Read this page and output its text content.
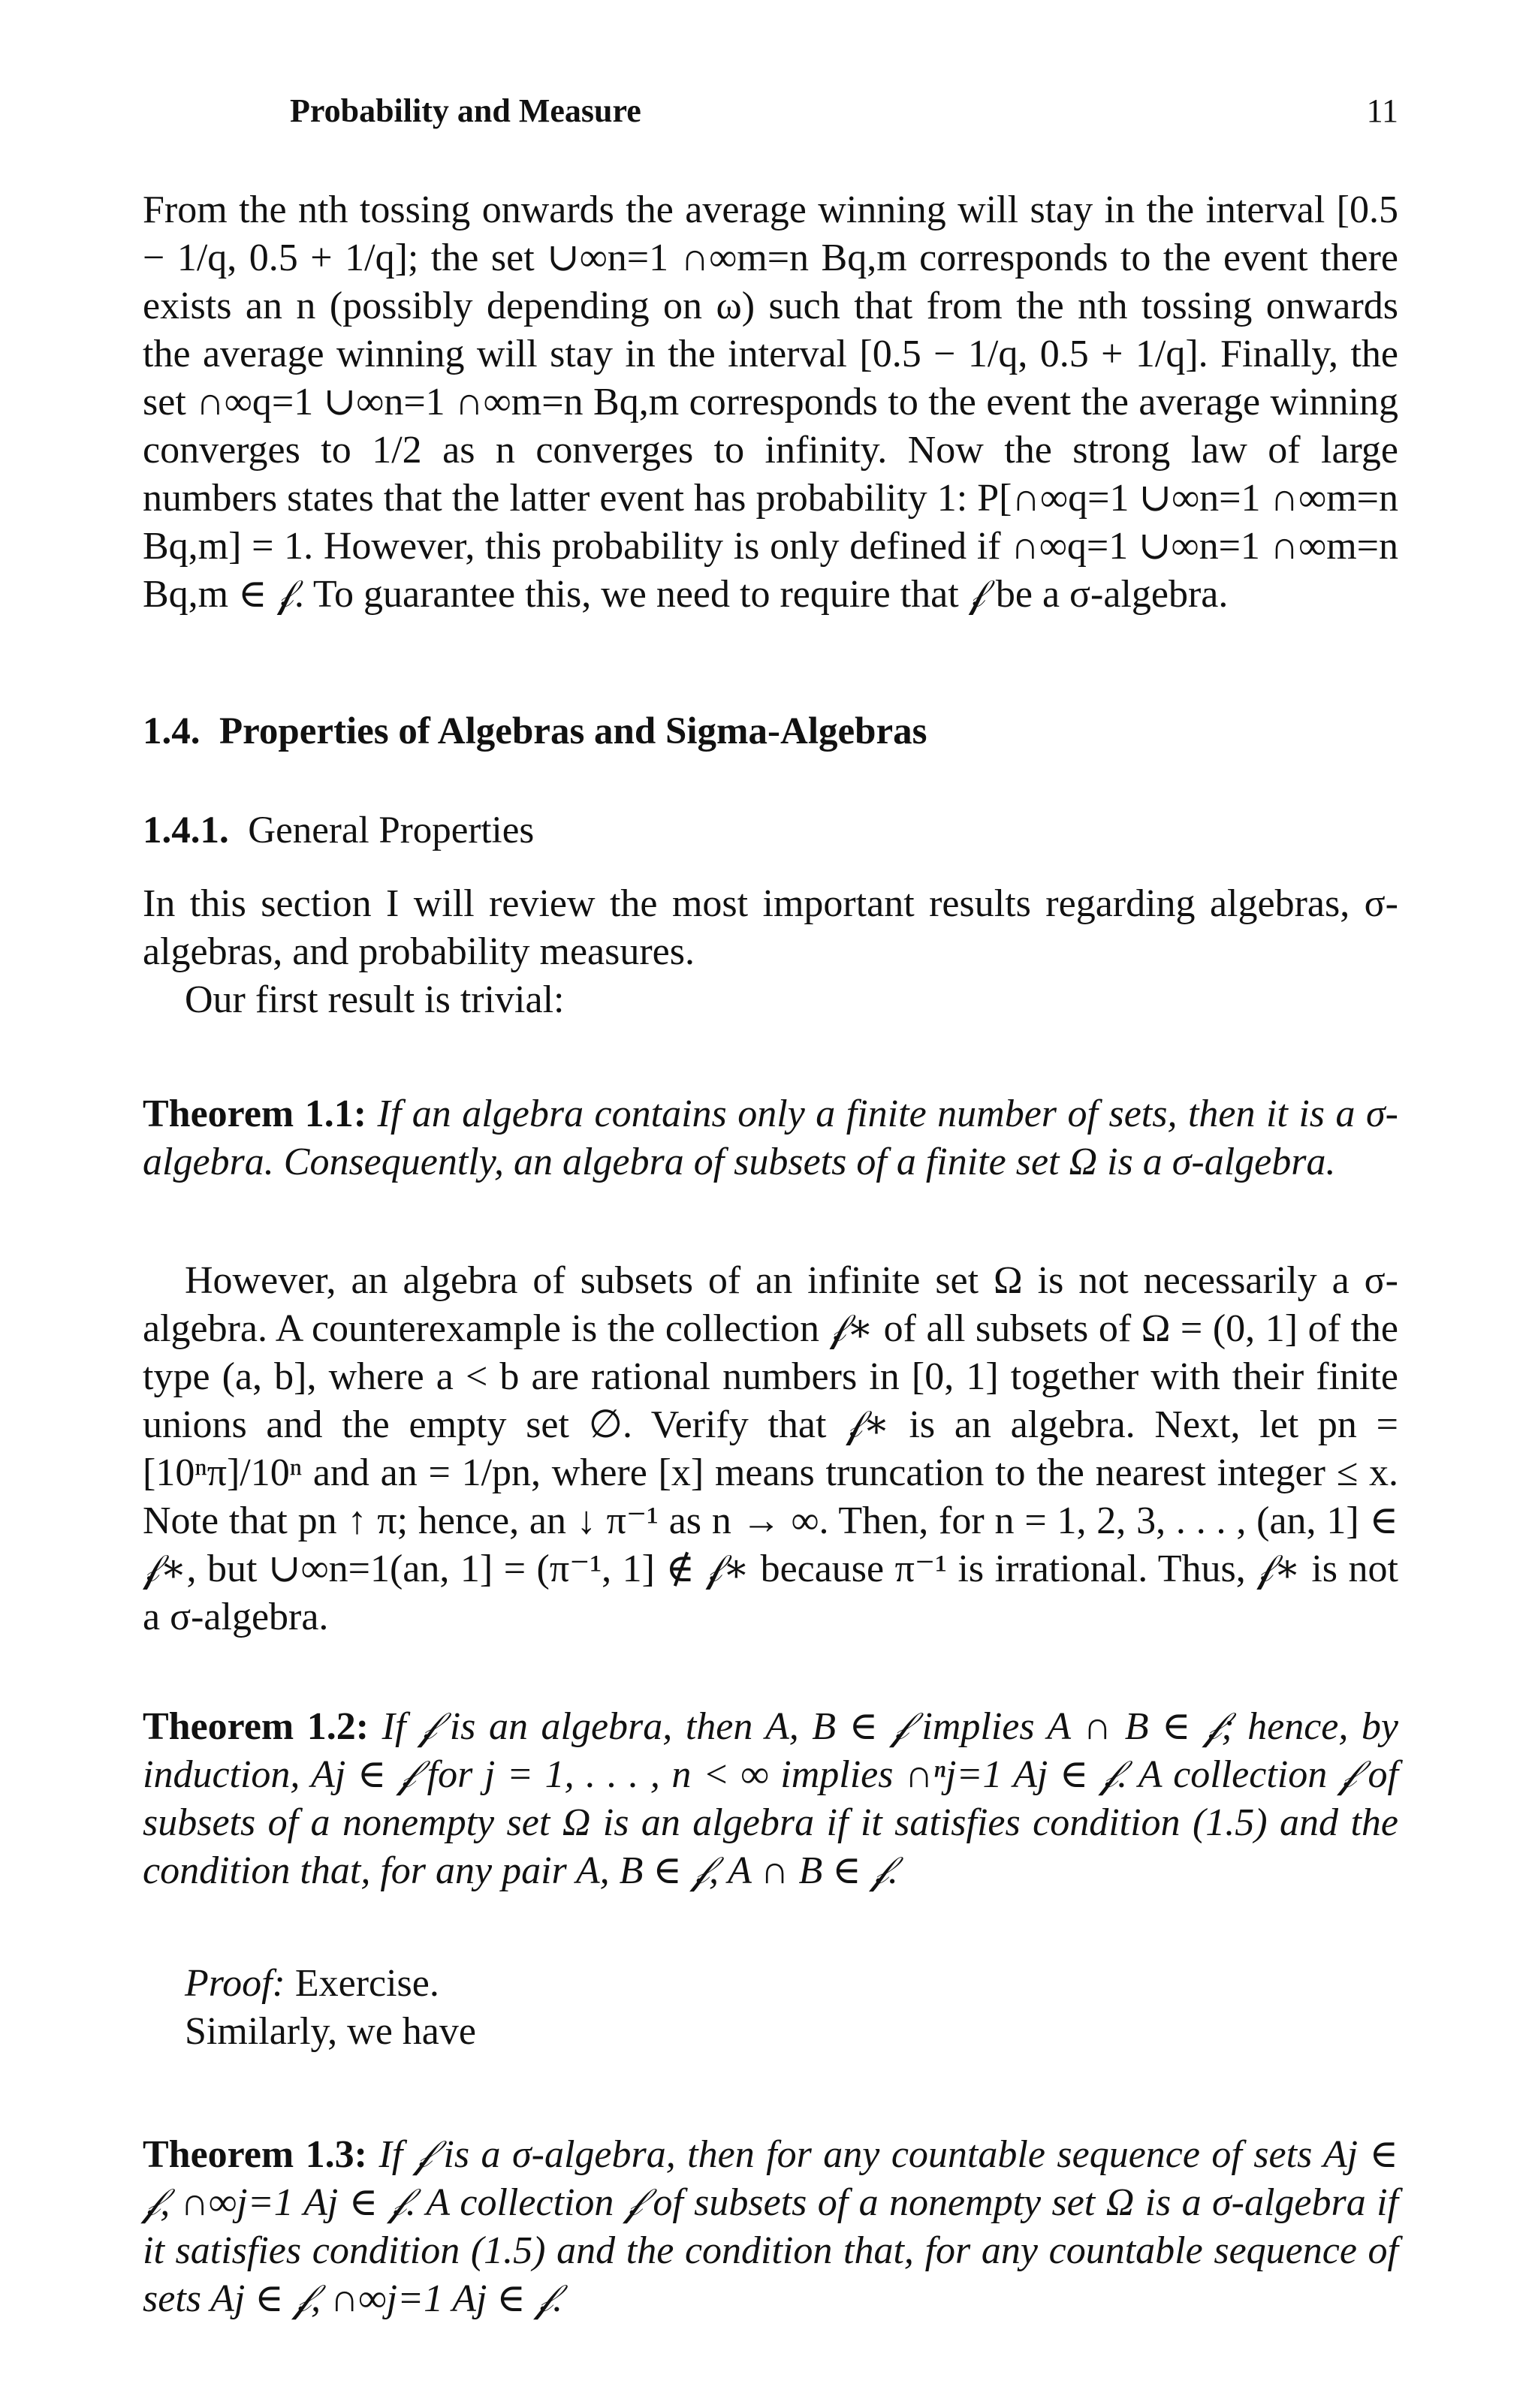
Probability and Measure	11

From the nth tossing onwards the average winning will stay in the interval [0.5 − 1/q, 0.5 + 1/q]; the set ∪∞n=1 ∩∞m=n Bq,m corresponds to the event there exists an n (possibly depending on ω) such that from the nth tossing onwards the average winning will stay in the interval [0.5 − 1/q, 0.5 + 1/q]. Finally, the set ∩∞q=1 ∪∞n=1 ∩∞m=n Bq,m corresponds to the event the average winning converges to 1/2 as n converges to infinity. Now the strong law of large numbers states that the latter event has probability 1: P[∩∞q=1 ∪∞n=1 ∩∞m=n Bq,m] = 1. However, this probability is only defined if ∩∞q=1 ∪∞n=1 ∩∞m=n Bq,m ∈ 𝒻. To guarantee this, we need to require that 𝒻 be a σ-algebra.

1.4. Properties of Algebras and Sigma-Algebras
1.4.1. General Properties

In this section I will review the most important results regarding algebras, σ-algebras, and probability measures.

Our first result is trivial:

Theorem 1.1: If an algebra contains only a finite number of sets, then it is a σ-algebra. Consequently, an algebra of subsets of a finite set Ω is a σ-algebra.

However, an algebra of subsets of an infinite set Ω is not necessarily a σ-algebra. A counterexample is the collection 𝒻∗ of all subsets of Ω = (0, 1] of the type (a, b], where a < b are rational numbers in [0, 1] together with their finite unions and the empty set ∅. Verify that 𝒻∗ is an algebra. Next, let pn = [10ⁿπ]/10ⁿ and an = 1/pn, where [x] means truncation to the nearest integer ≤ x. Note that pn ↑ π; hence, an ↓ π⁻¹ as n → ∞. Then, for n = 1, 2, 3, . . . , (an, 1] ∈ 𝒻∗, but ∪∞n=1(an, 1] = (π⁻¹, 1] ∉ 𝒻∗ because π⁻¹ is irrational. Thus, 𝒻∗ is not a σ-algebra.

Theorem 1.2: If 𝒻 is an algebra, then A, B ∈ 𝒻 implies A ∩ B ∈ 𝒻; hence, by induction, Aj ∈ 𝒻 for j = 1, . . . , n < ∞ implies ∩ⁿj=1 Aj ∈ 𝒻. A collection 𝒻 of subsets of a nonempty set Ω is an algebra if it satisfies condition (1.5) and the condition that, for any pair A, B ∈ 𝒻, A ∩ B ∈ 𝒻.

Proof: Exercise.

Similarly, we have

Theorem 1.3: If 𝒻 is a σ-algebra, then for any countable sequence of sets Aj ∈ 𝒻, ∩∞j=1 Aj ∈ 𝒻. A collection 𝒻 of subsets of a nonempty set Ω is a σ-algebra if it satisfies condition (1.5) and the condition that, for any countable sequence of sets Aj ∈ 𝒻, ∩∞j=1 Aj ∈ 𝒻.
